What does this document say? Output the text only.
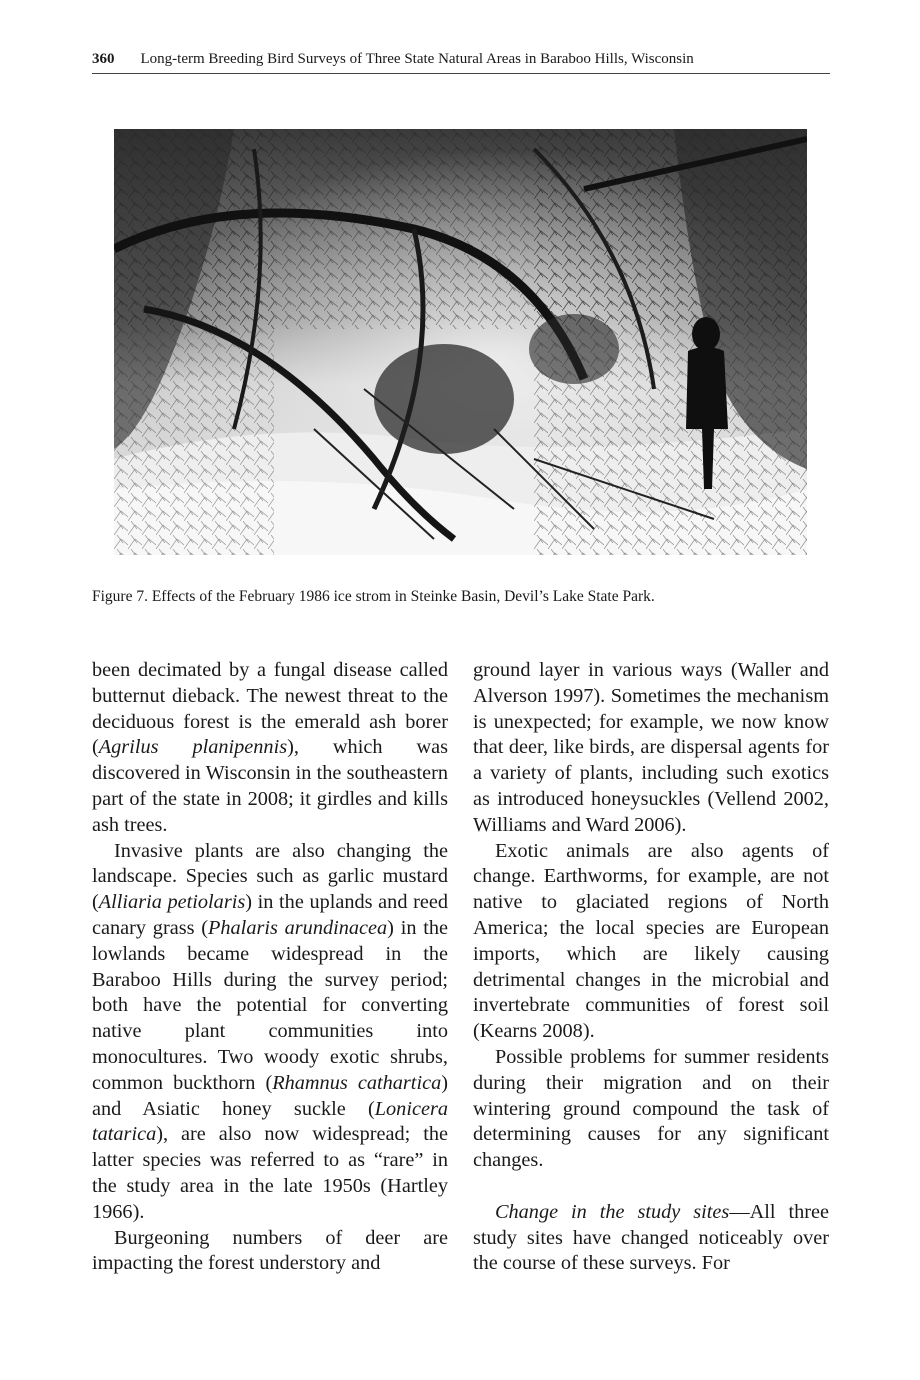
360 Long-term Breeding Bird Surveys of Three State Natural Areas in Baraboo Hills, Wisconsin
Figure 7. Effects of the February 1986 ice strom in Steinke Basin, Devil’s Lake State Park.

been decimated by a fungal disease called butternut dieback. The newest threat to the deciduous forest is the emerald ash borer (Agrilus planipennis), which was discovered in Wisconsin in the southeastern part of the state in 2008; it girdles and kills ash trees.

Invasive plants are also changing the landscape. Species such as garlic mustard (Alliaria petiolaris) in the uplands and reed canary grass (Phalaris arundinacea) in the lowlands became widespread in the Baraboo Hills during the survey period; both have the potential for converting native plant communities into monocultures. Two woody exotic shrubs, common buckthorn (Rhamnus cathartica) and Asiatic honey suckle (Lonicera tatarica), are also now widespread; the latter species was referred to as “rare” in the study area in the late 1950s (Hartley 1966).

Burgeoning numbers of deer are impacting the forest understory and

ground layer in various ways (Waller and Alverson 1997). Sometimes the mechanism is unexpected; for example, we now know that deer, like birds, are dispersal agents for a variety of plants, including such exotics as introduced honeysuckles (Vellend 2002, Williams and Ward 2006).

Exotic animals are also agents of change. Earthworms, for example, are not native to glaciated regions of North America; the local species are European imports, which are likely causing detrimental changes in the microbial and invertebrate communities of forest soil (Kearns 2008).

Possible problems for summer residents during their migration and on their wintering ground compound the task of determining causes for any significant changes.

Change in the study sites—All three study sites have changed noticeably over the course of these surveys. For
